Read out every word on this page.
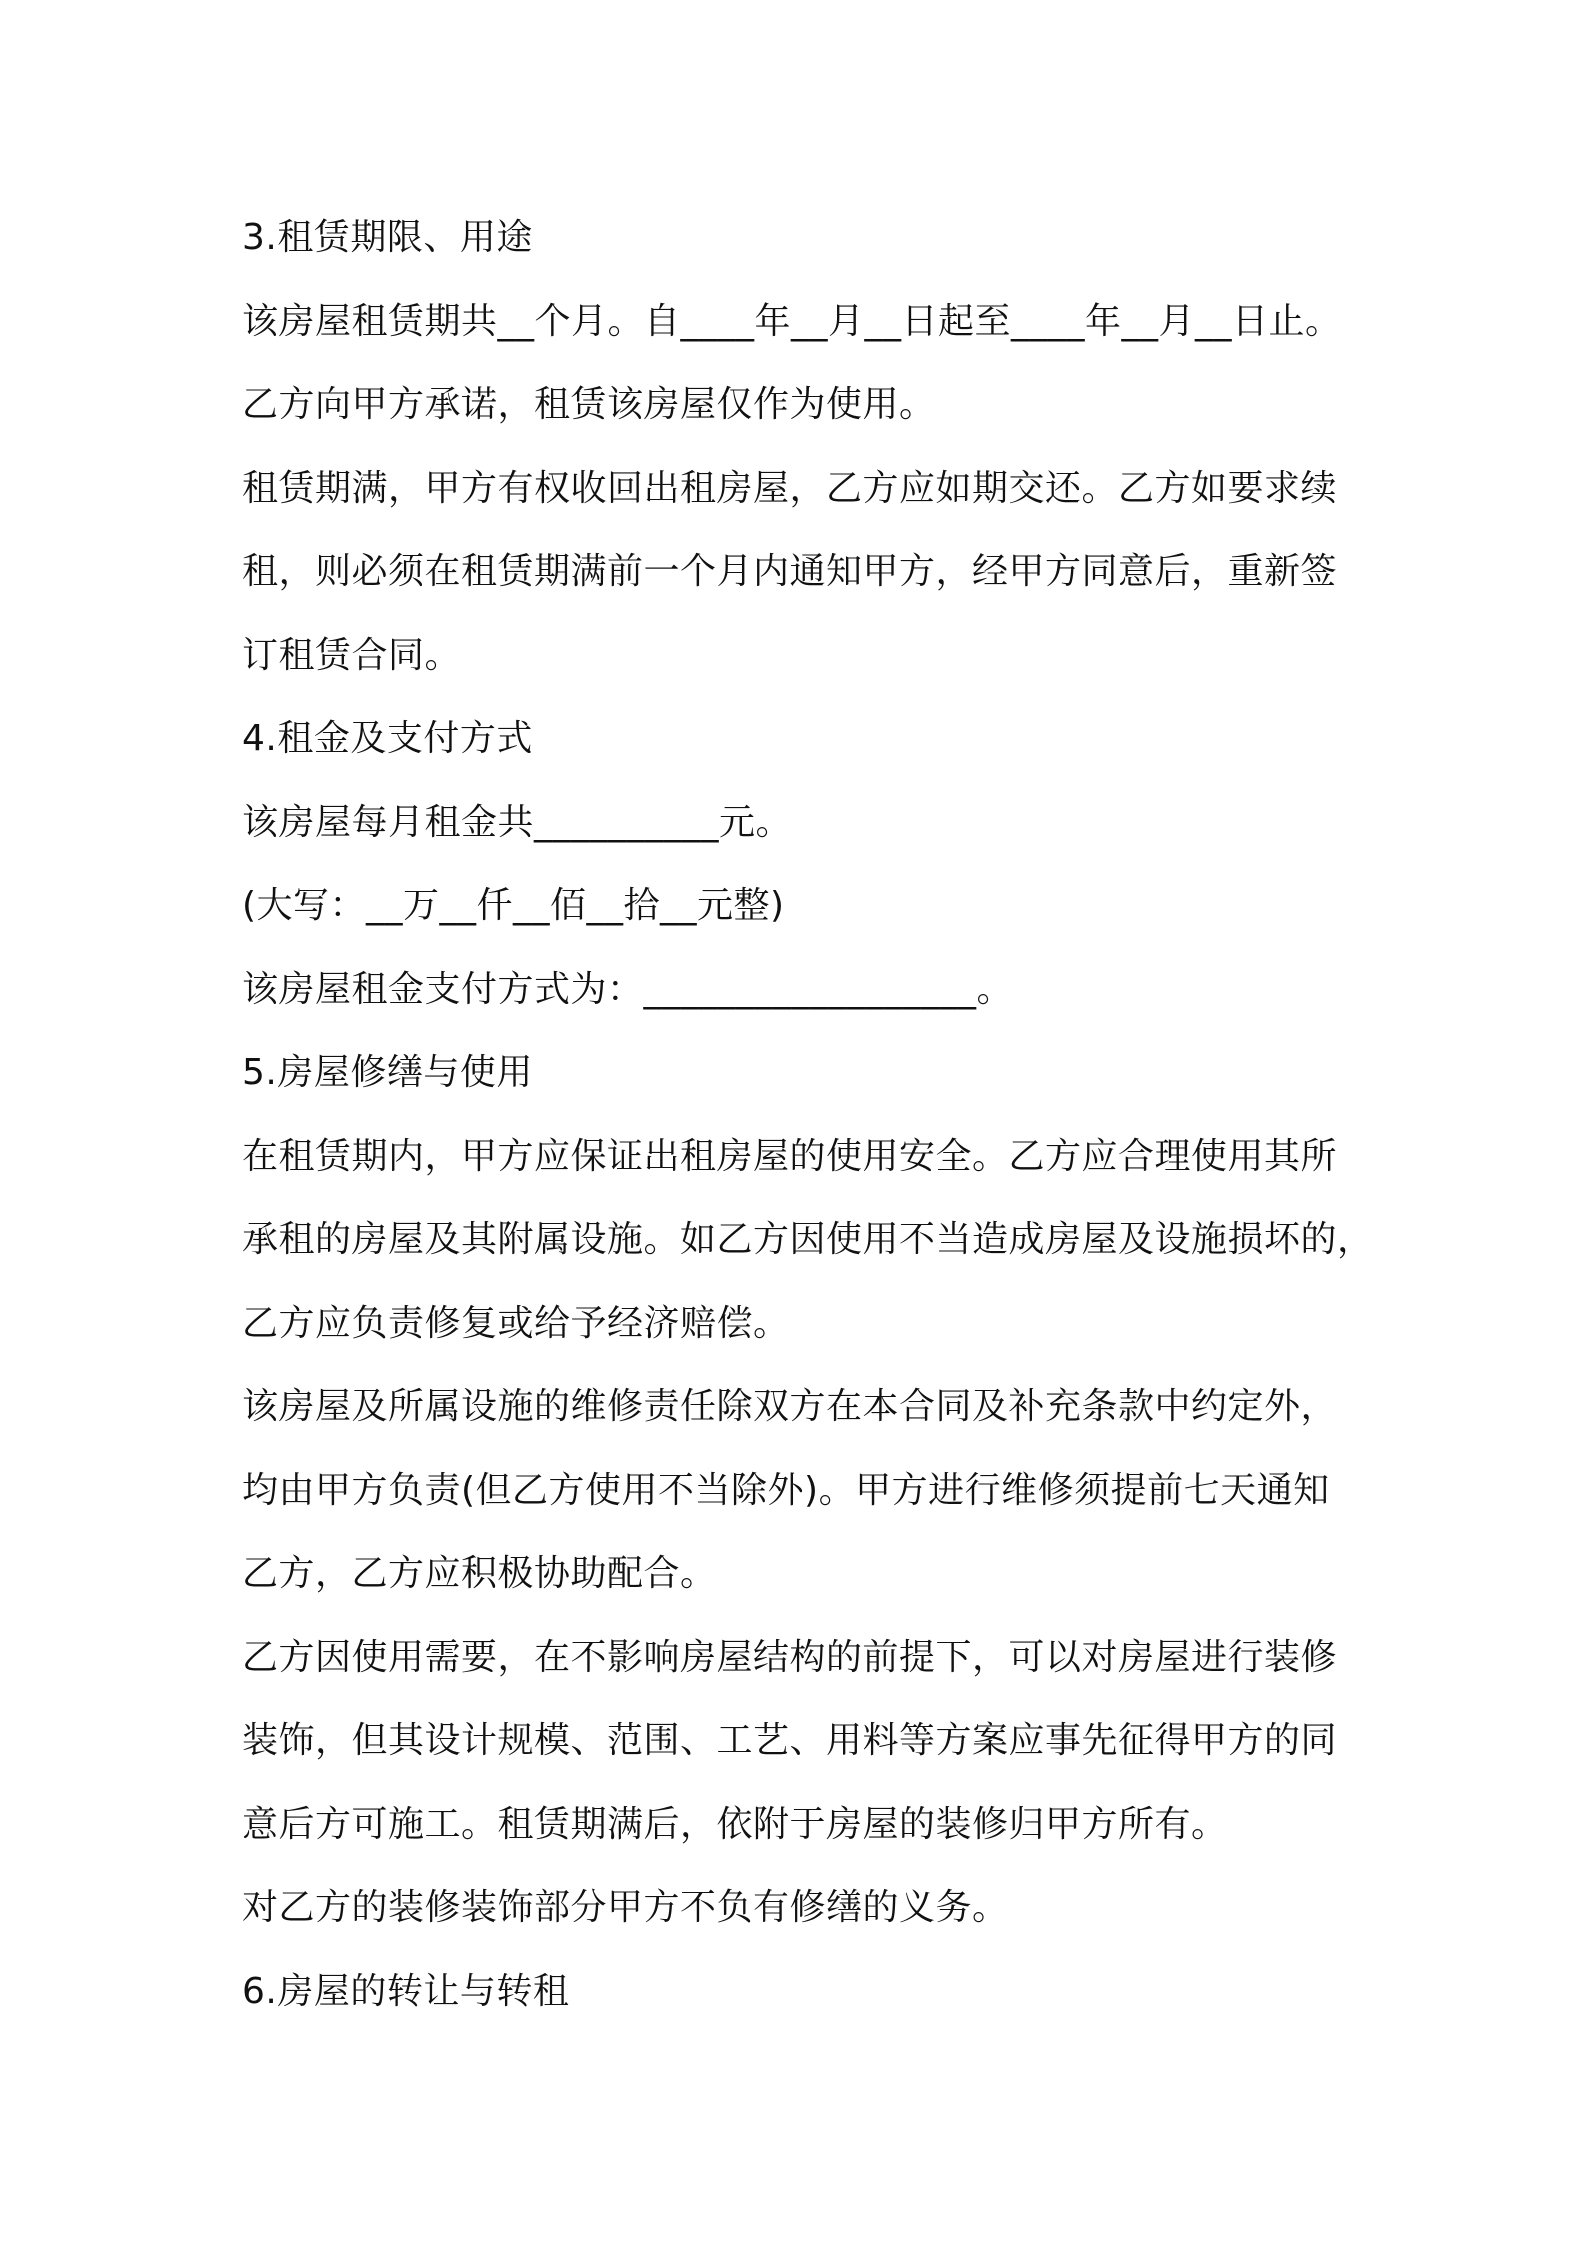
3.租赁期限、用途
该房屋租赁期共__个月。自____年__月__日起至____年__月__日止。
乙方向甲方承诺，租赁该房屋仅作为使用。
租赁期满，甲方有权收回出租房屋，乙方应如期交还。乙方如要求续
租，则必须在租赁期满前一个月内通知甲方，经甲方同意后，重新签
订租赁合同。
4.租金及支付方式
该房屋每月租金共__________元。
(大写：__万__仟__佰__拾__元整)
该房屋租金支付方式为：__________________。
5.房屋修缮与使用
在租赁期内，甲方应保证出租房屋的使用安全。乙方应合理使用其所
承租的房屋及其附属设施。如乙方因使用不当造成房屋及设施损坏的，
乙方应负责修复或给予经济赔偿。
该房屋及所属设施的维修责任除双方在本合同及补充条款中约定外，
均由甲方负责(但乙方使用不当除外)。甲方进行维修须提前七天通知
乙方，乙方应积极协助配合。
乙方因使用需要，在不影响房屋结构的前提下，可以对房屋进行装修
装饰，但其设计规模、范围、工艺、用料等方案应事先征得甲方的同
意后方可施工。租赁期满后，依附于房屋的装修归甲方所有。
对乙方的装修装饰部分甲方不负有修缮的义务。
6.房屋的转让与转租
